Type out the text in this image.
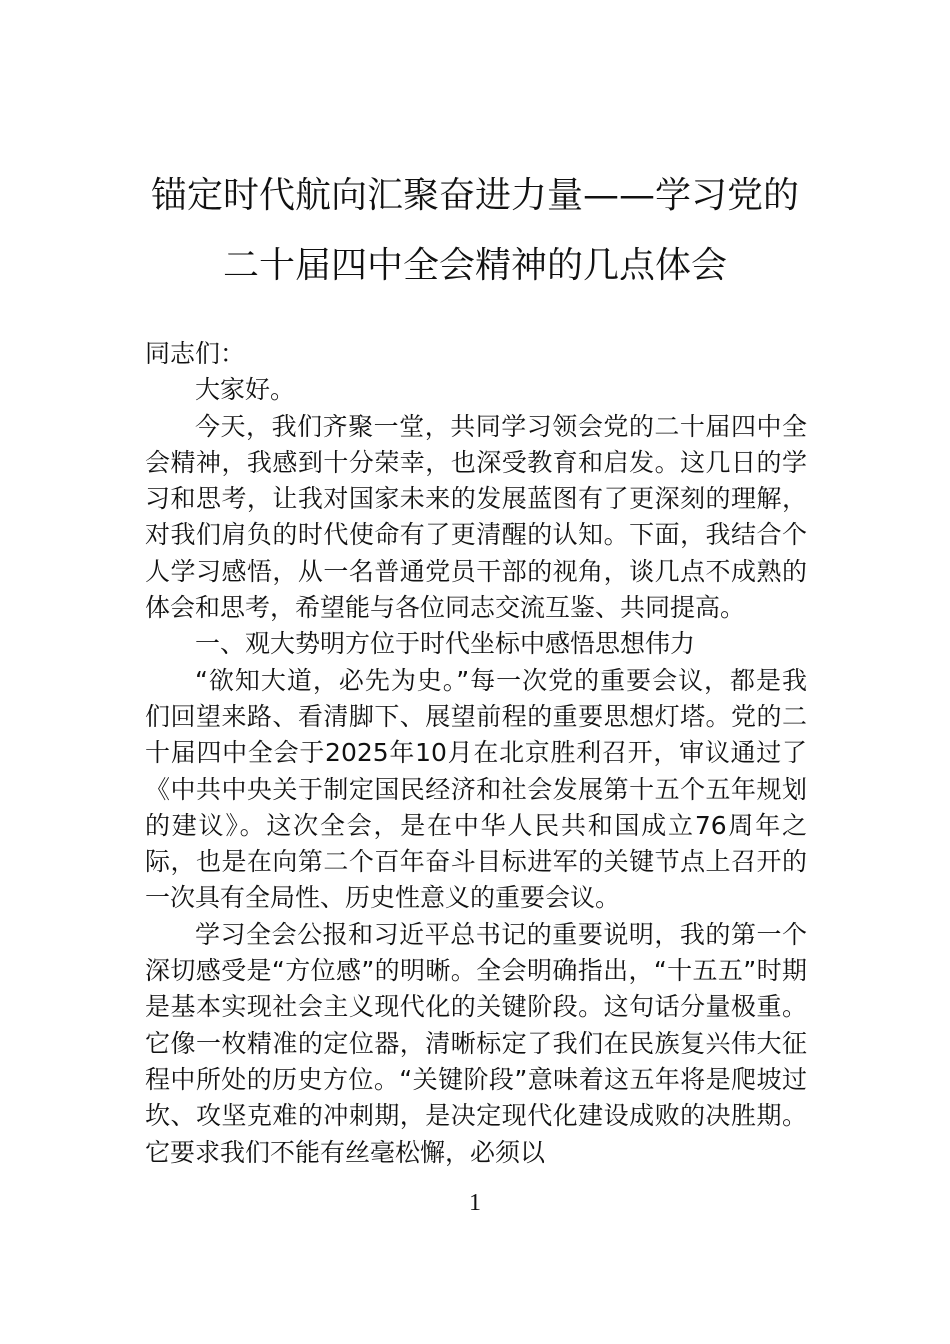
锚定时代航向汇聚奋进力量——学习党的
二十届四中全会精神的几点体会

同志们：

大家好。

今天，我们齐聚一堂，共同学习领会党的二十届四中全会精神，我感到十分荣幸，也深受教育和启发。这几日的学习和思考，让我对国家未来的发展蓝图有了更深刻的理解，对我们肩负的时代使命有了更清醒的认知。下面，我结合个人学习感悟，从一名普通党员干部的视角，谈几点不成熟的体会和思考，希望能与各位同志交流互鉴、共同提高。

一、观大势明方位于时代坐标中感悟思想伟力

“欲知大道，必先为史。”每一次党的重要会议，都是我们回望来路、看清脚下、展望前程的重要思想灯塔。党的二十届四中全会于2025年10月在北京胜利召开，审议通过了《中共中央关于制定国民经济和社会发展第十五个五年规划的建议》。这次全会，是在中华人民共和国成立76周年之际，也是在向第二个百年奋斗目标进军的关键节点上召开的一次具有全局性、历史性意义的重要会议。

学习全会公报和习近平总书记的重要说明，我的第一个深切感受是“方位感”的明晰。全会明确指出，“十五五”时期是基本实现社会主义现代化的关键阶段。这句话分量极重。它像一枚精准的定位器，清晰标定了我们在民族复兴伟大征程中所处的历史方位。“关键阶段”意味着这五年将是爬坡过坎、攻坚克难的冲刺期，是决定现代化建设成败的决胜期。它要求我们不能有丝毫松懈，必须以

1
